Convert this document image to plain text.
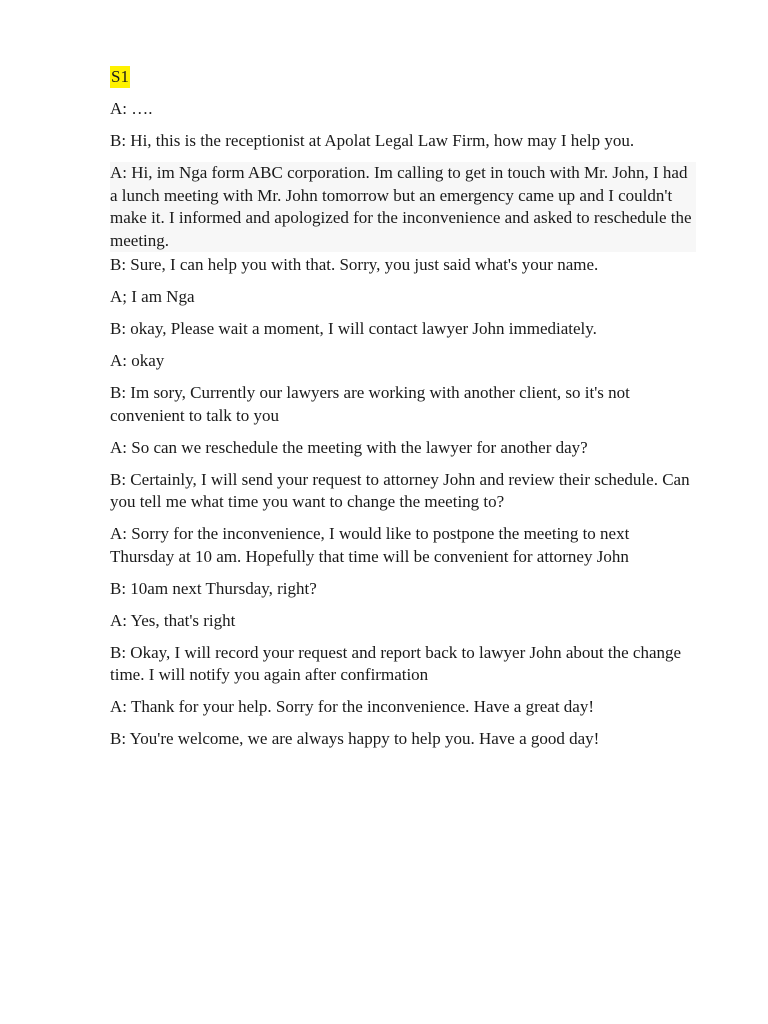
S1
A: ….
B: Hi, this is the receptionist at Apolat Legal Law Firm, how may I help you.
A: Hi, im Nga form ABC corporation. Im calling to get in touch with Mr. John, I had a lunch meeting with Mr. John tomorrow but an emergency came up and I couldn't make it. I informed and apologized for the inconvenience and asked to reschedule the meeting.
B: Sure, I can help you with that. Sorry, you just said what's your name.
A; I am Nga
B: okay, Please wait a moment, I will contact lawyer John immediately.
A: okay
B: Im sory, Currently our lawyers are working with another client, so it's not convenient to talk to you
A: So can we reschedule the meeting with the lawyer for another day?
B: Certainly, I will send your request to attorney John and review their schedule. Can you tell me what time you want to change the meeting to?
A: Sorry for the inconvenience, I would like to postpone the meeting to next Thursday at 10 am. Hopefully that time will be convenient for attorney John
B: 10am next Thursday, right?
A: Yes, that's right
B: Okay, I will record your request and report back to lawyer John about the change time. I will notify you again after confirmation
A: Thank for your help. Sorry for the inconvenience. Have a great day!
B: You're welcome, we are always happy to help you. Have a good day!
